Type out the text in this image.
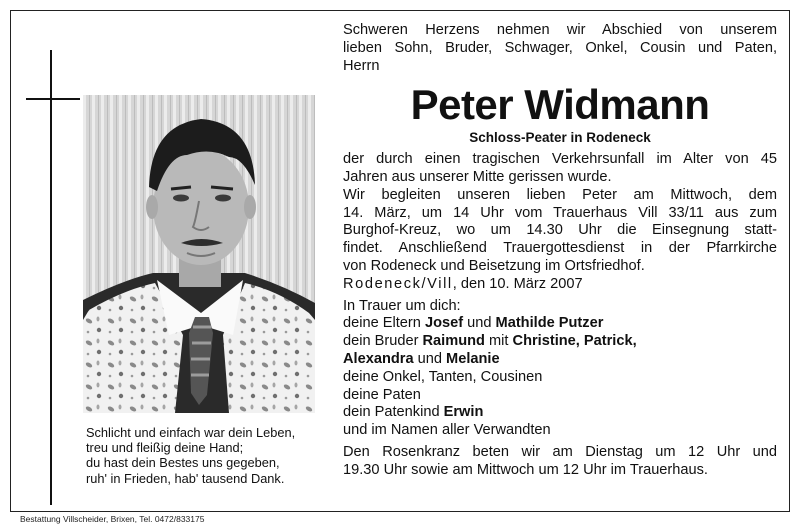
Schlicht und einfach war dein Leben,
treu und fleißig deine Hand;
du hast dein Bestes uns gegeben,
ruh' in Frieden, hab' tausend Dank.
Bestattung Villscheider, Brixen, Tel. 0472/833175
Schweren Herzens nehmen wir Abschied von unserem
lieben Sohn, Bruder, Schwager, Onkel, Cousin und Paten,
Herrn
Peter Widmann
Schloss-Peater in Rodeneck
der durch einen tragischen Verkehrsunfall im Alter von 45
Jahren aus unserer Mitte gerissen wurde.
Wir begleiten unseren lieben Peter am Mittwoch, dem
14. März, um 14 Uhr vom Trauerhaus Vill 33/11 aus zum
Burghof-Kreuz, wo um 14.30 Uhr die Einsegnung statt-
findet. Anschließend Trauergottesdienst in der Pfarrkirche
von Rodeneck und Beisetzung im Ortsfriedhof.
Rodeneck/Vill, den 10. März 2007
In Trauer um dich:
deine Eltern Josef und Mathilde Putzer
dein Bruder Raimund mit Christine, Patrick,
Alexandra und Melanie
deine Onkel, Tanten, Cousinen
deine Paten
dein Patenkind Erwin
und im Namen aller Verwandten
Den Rosenkranz beten wir am Dienstag um 12 Uhr und
19.30 Uhr sowie am Mittwoch um 12 Uhr im Trauerhaus.
